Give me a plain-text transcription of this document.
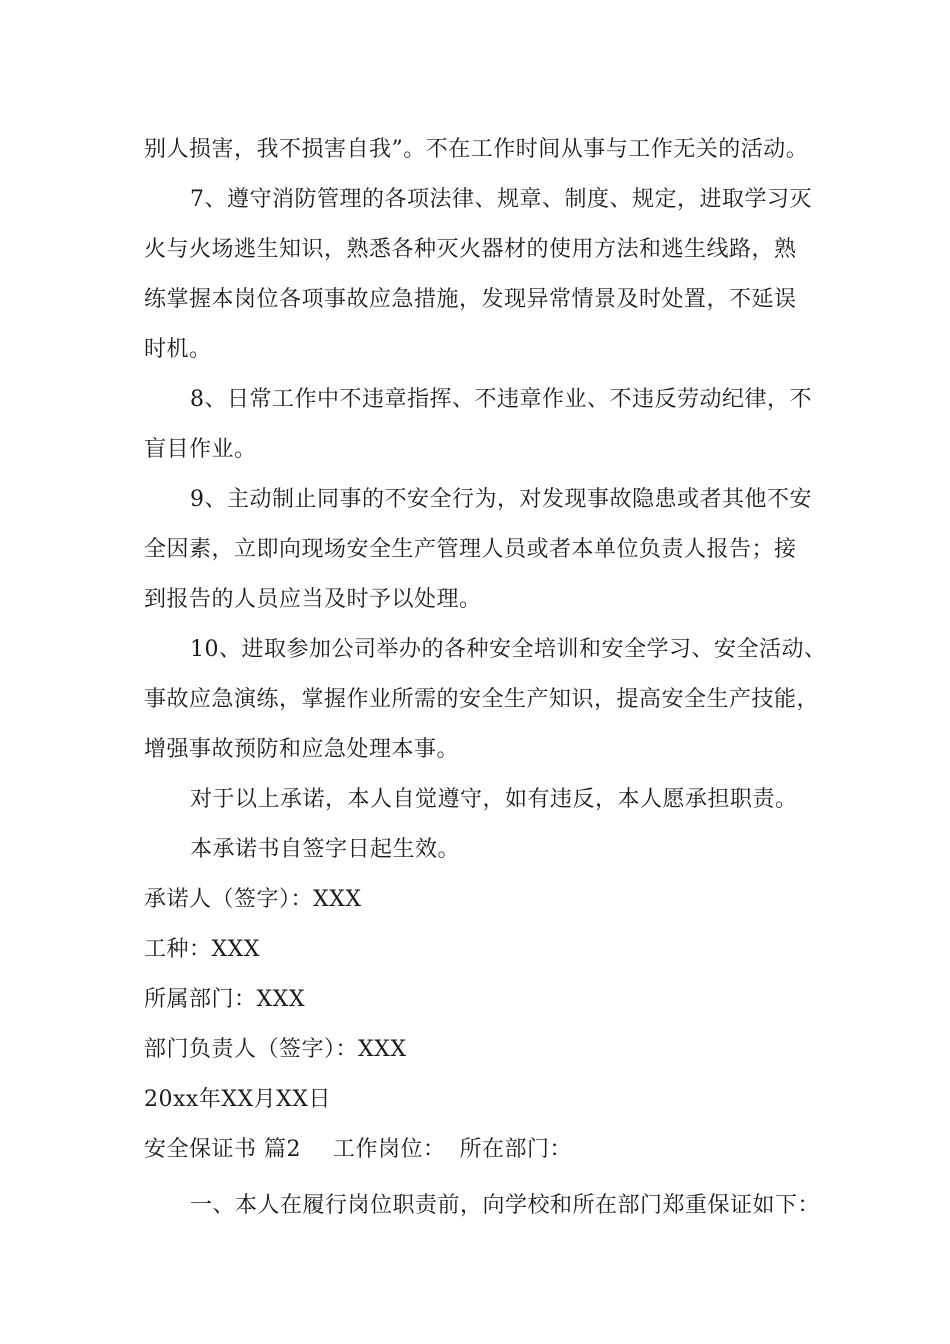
别人损害，我不损害自我”。不在工作时间从事与工作无关的活动。
7、遵守消防管理的各项法律、规章、制度、规定，进取学习灭
火与火场逃生知识，熟悉各种灭火器材的使用方法和逃生线路，熟
练掌握本岗位各项事故应急措施，发现异常情景及时处置，不延误
时机。
8、日常工作中不违章指挥、不违章作业、不违反劳动纪律，不
盲目作业。
9、主动制止同事的不安全行为，对发现事故隐患或者其他不安
全因素，立即向现场安全生产管理人员或者本单位负责人报告；接
到报告的人员应当及时予以处理。
10、进取参加公司举办的各种安全培训和安全学习、安全活动、
事故应急演练，掌握作业所需的安全生产知识，提高安全生产技能，
增强事故预防和应急处理本事。
对于以上承诺，本人自觉遵守，如有违反，本人愿承担职责。
本承诺书自签字日起生效。
承诺人（签字）：XXX
工种：XXX
所属部门：XXX
部门负责人（签字）：XXX
20xx年XX月XX日
安全保证书 篇2 工作岗位： 所在部门：
一、本人在履行岗位职责前，向学校和所在部门郑重保证如下：
